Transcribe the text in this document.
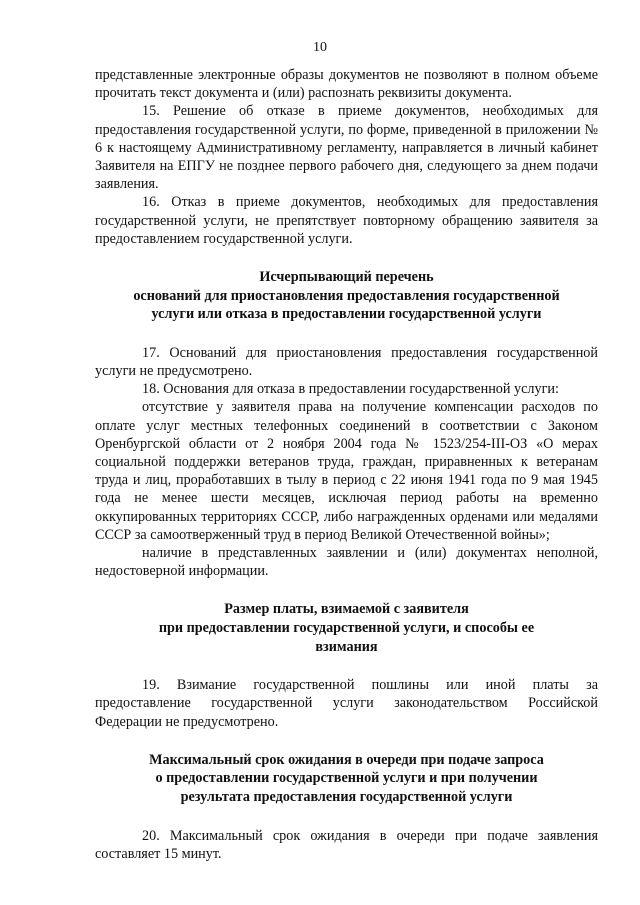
10

представленные электронные образы документов не позволяют в полном объеме прочитать текст документа и (или) распознать реквизиты документа.

15. Решение об отказе в приеме документов, необходимых для предоставления государственной услуги, по форме, приведенной в приложении № 6 к настоящему Административному регламенту, направляется в личный кабинет Заявителя на ЕПГУ не позднее первого рабочего дня, следующего за днем подачи заявления.

16. Отказ в приеме документов, необходимых для предоставления государственной услуги, не препятствует повторному обращению заявителя за предоставлением государственной услуги.

Исчерпывающий перечень
оснований для приостановления предоставления государственной
услуги или отказа в предоставлении государственной услуги

17. Оснований для приостановления предоставления государственной услуги не предусмотрено.

18. Основания для отказа в предоставлении государственной услуги:

отсутствие у заявителя права на получение компенсации расходов по оплате услуг местных телефонных соединений в соответствии с Законом Оренбургской области от 2 ноября 2004 года № 1523/254-III-ОЗ «О мерах социальной поддержки ветеранов труда, граждан, приравненных к ветеранам труда и лиц, проработавших в тылу в период с 22 июня 1941 года по 9 мая 1945 года не менее шести месяцев, исключая период работы на временно оккупированных территориях СССР, либо награжденных орденами или медалями СССР за самоотверженный труд в период Великой Отечественной войны»;

наличие в представленных заявлении и (или) документах неполной, недостоверной информации.

Размер платы, взимаемой с заявителя
при предоставлении государственной услуги, и способы ее
взимания

19. Взимание государственной пошлины или иной платы за предоставление государственной услуги законодательством Российской Федерации не предусмотрено.

Максимальный срок ожидания в очереди при подаче запроса
о предоставлении государственной услуги и при получении
результата предоставления государственной услуги

20. Максимальный срок ожидания в очереди при подаче заявления составляет 15 минут.
